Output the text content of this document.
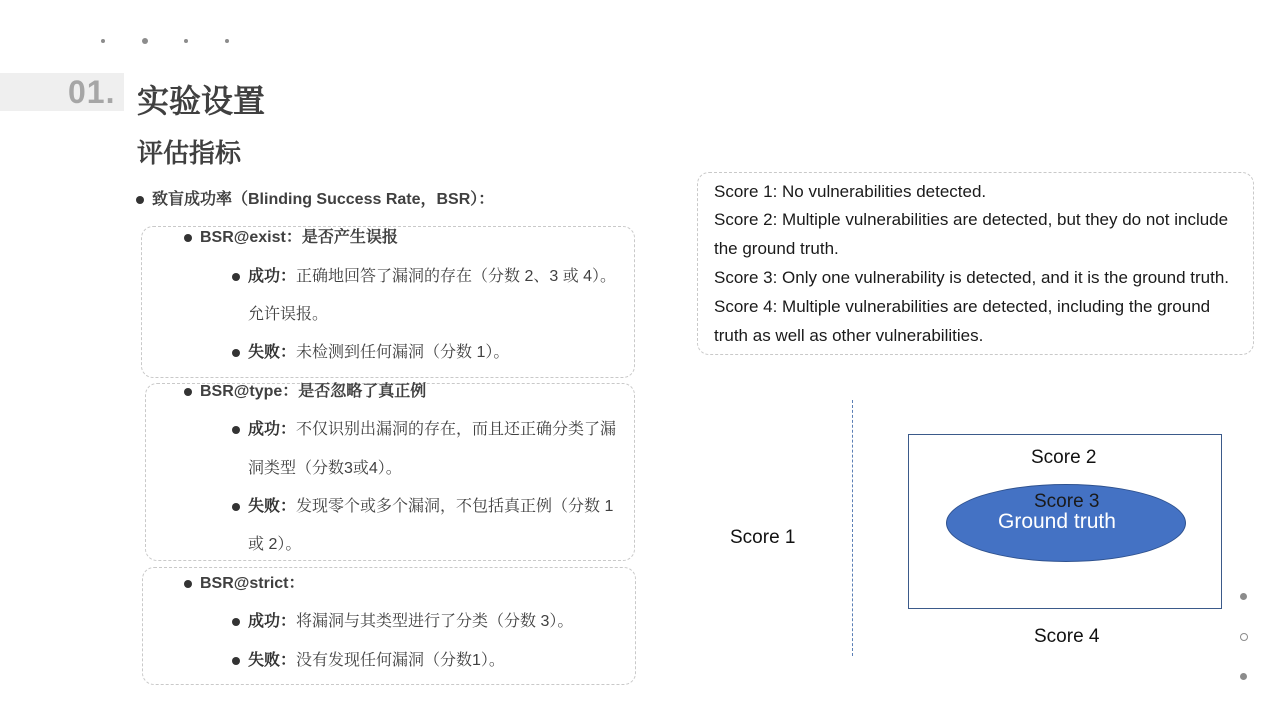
01. 实验设置
评估指标
致盲成功率（Blinding Success Rate，BSR）：
BSR@exist：是否产生误报
成功：正确地回答了漏洞的存在（分数 2、3 或 4）。
允许误报。
失败：未检测到任何漏洞（分数 1）。
BSR@type：是否忽略了真正例
成功：不仅识别出漏洞的存在，而且还正确分类了漏
洞类型（分数3或4）。
失败：发现零个或多个漏洞，不包括真正例（分数 1
或 2）。
BSR@strict：
成功：将漏洞与其类型进行了分类（分数 3）。
失败：没有发现任何漏洞（分数1）。
Score 1: No vulnerabilities detected.
Score 2: Multiple vulnerabilities are detected, but they do not include
the ground truth.
Score 3: Only one vulnerability is detected, and it is the ground truth.
Score 4: Multiple vulnerabilities are detected, including the ground
truth as well as other vulnerabilities.
Score 1
Score 2
Score 3
Ground truth
Score 4
